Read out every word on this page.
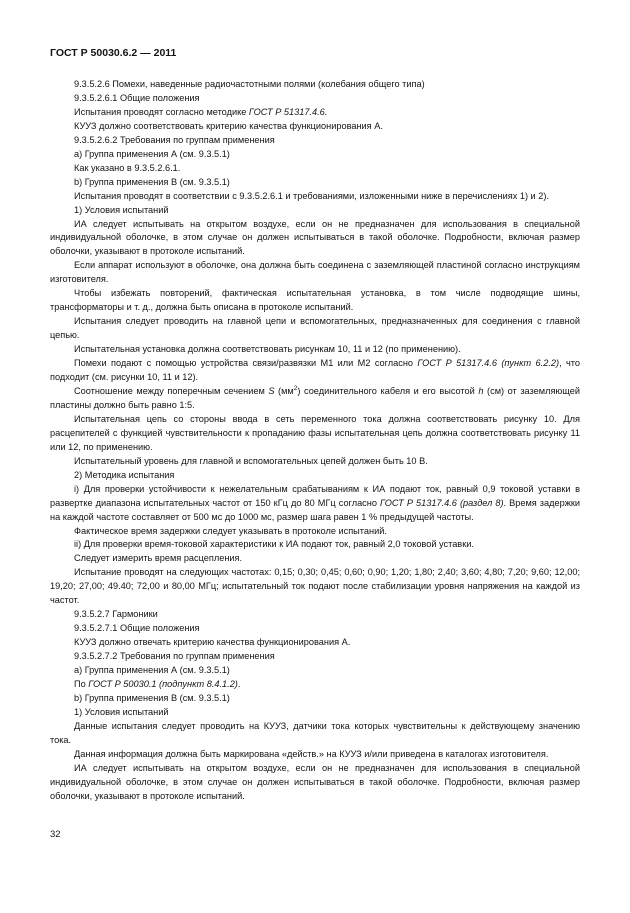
ГОСТ Р 50030.6.2 — 2011

9.3.5.2.6 Помехи, наведенные радиочастотными полями (колебания общего типа)

9.3.5.2.6.1 Общие положения

Испытания проводят согласно методике ГОСТ Р 51317.4.6.

КУУЗ должно соответствовать критерию качества функционирования А.

9.3.5.2.6.2 Требования по группам применения

a) Группа применения А (см. 9.3.5.1)

Как указано в 9.3.5.2.6.1.

b) Группа применения В (см. 9.3.5.1)

Испытания проводят в соответствии с 9.3.5.2.6.1 и требованиями, изложенными ниже в перечислениях 1) и 2).

1) Условия испытаний

ИА следует испытывать на открытом воздухе, если он не предназначен для использования в специальной индивидуальной оболочке, в этом случае он должен испытываться в такой оболочке. Подробности, включая размер оболочки, указывают в протоколе испытаний.

Если аппарат используют в оболочке, она должна быть соединена с заземляющей пластиной согласно инструкциям изготовителя.

Чтобы избежать повторений, фактическая испытательная установка, в том числе подводящие шины, трансформаторы и т. д., должна быть описана в протоколе испытаний.

Испытания следует проводить на главной цепи и вспомогательных, предназначенных для соединения с главной цепью.

Испытательная установка должна соответствовать рисункам 10, 11 и 12 (по применению).

Помехи подают с помощью устройства связи/развязки М1 или М2 согласно ГОСТ Р 51317.4.6 (пункт 6.2.2), что подходит (см. рисунки 10, 11 и 12).

Соотношение между поперечным сечением S $(мм^2)$ соединительного кабеля и его высотой h (см) от заземляющей пластины должно быть равно 1:5.

Испытательная цепь со стороны ввода в сеть переменного тока должна соответствовать рисунку 10. Для расцепителей с функцией чувствительности к пропаданию фазы испытательная цепь должна соответствовать рисунку 11 или 12, по применению.

Испытательный уровень для главной и вспомогательных цепей должен быть 10 В.

2) Методика испытания

i) Для проверки устойчивости к нежелательным срабатываниям к ИА подают ток, равный 0,9 токовой уставки в развертке диапазона испытательных частот от 150 кГц до 80 МГц согласно ГОСТ Р 51317.4.6 (раздел 8). Время задержки на каждой частоте составляет от 500 мс до 1000 мс, размер шага равен 1 % предыдущей частоты.

Фактическое время задержки следует указывать в протоколе испытаний.

ii) Для проверки время-токовой характеристики к ИА подают ток, равный 2,0 токовой уставки.

Следует измерить время расцепления.

Испытание проводят на следующих частотах: 0,15; 0,30; 0,45; 0,60; 0,90; 1,20; 1,80; 2,40; 3,60; 4,80; 7,20; 9,60; 12,00; 19,20; 27,00; 49.40; 72,00 и 80,00 МГц; испытательный ток подают после стабилизации уровня напряжения на каждой из частот.

9.3.5.2.7 Гармоники

9.3.5.2.7.1 Общие положения

КУУЗ должно отвечать критерию качества функционирования А.

9.3.5.2.7.2 Требования по группам применения

a) Группа применения А (см. 9.3.5.1)

По ГОСТ Р 50030.1 (подпункт 8.4.1.2).

b) Группа применения В (см. 9.3.5.1)

1) Условия испытаний

Данные испытания следует проводить на КУУЗ, датчики тока которых чувствительны к действующему значению тока.

Данная информация должна быть маркирована «действ.» на КУУЗ и/или приведена в каталогах изготовителя.

ИА следует испытывать на открытом воздухе, если он не предназначен для использования в специальной индивидуальной оболочке, в этом случае он должен испытываться в такой оболочке. Подробности, включая размер оболочки, указывают в протоколе испытаний.

32
